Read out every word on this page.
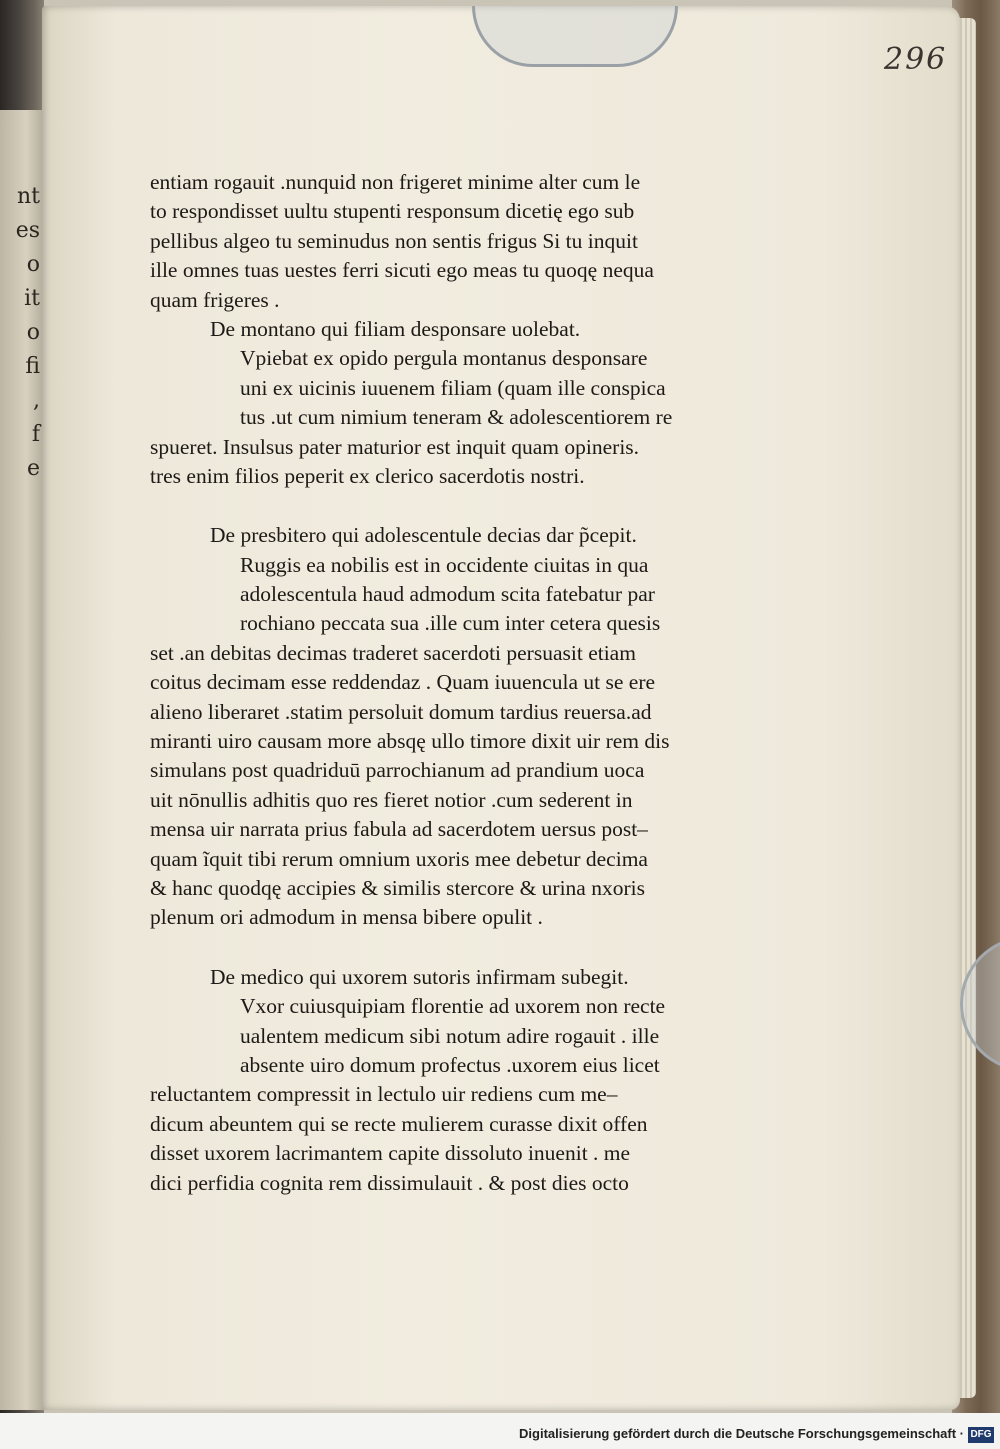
nt
es
o
it
o
fi
,
f
e
296
entiam rogauit .nunquid non frigeret minime alter cum le
to respondisset uultu stupenti responsum dicetię ego sub
pellibus algeo tu seminudus non sentis frigus Si tu inquit
ille omnes tuas uestes ferri sicuti ego meas tu quoqę nequa
quam frigeres .
De montano qui filiam desponsare uolebat.
Vpiebat ex opido pergula montanus desponsare
uni ex uicinis iuuenem filiam (quam ille conspica
tus .ut cum nimium teneram & adolescentiorem re
spueret. Insulsus pater maturior est inquit quam opineris.
tres enim filios peperit ex clerico sacerdotis nostri.
De presbitero qui adolescentule decias dar p̃cepit.
Ruggis ea nobilis est in occidente ciuitas in qua
adolescentula haud admodum scita fatebatur par
rochiano peccata sua .ille cum inter cetera quesis
set .an debitas decimas traderet sacerdoti persuasit etiam
coitus decimam esse reddendaz . Quam iuuencula ut se ere
alieno liberaret .statim persoluit domum tardius reuersa.ad
miranti uiro causam more absqę ullo timore dixit uir rem dis
simulans post quadriduū parrochianum ad prandium uoca
uit nōnullis adhitis quo res fieret notior .cum sederent in
mensa uir narrata prius fabula ad sacerdotem uersus post‒
quam ĩquit tibi rerum omnium uxoris mee debetur decima
& hanc quodqę accipies & similis stercore & urina nxoris
plenum ori admodum in mensa bibere opulit .
De medico qui uxorem sutoris infirmam subegit.
Vxor cuiusquipiam florentie ad uxorem non recte
ualentem medicum sibi notum adire rogauit . ille
absente uiro domum profectus .uxorem eius licet
reluctantem compressit in lectulo uir rediens cum me‒
dicum abeuntem qui se recte mulierem curasse dixit offen
disset uxorem lacrimantem capite dissoluto inuenit . me
dici perfidia cognita rem dissimulauit . & post dies octo
Digitalisierung gefördert durch die Deutsche Forschungsgemeinschaft · DFG
